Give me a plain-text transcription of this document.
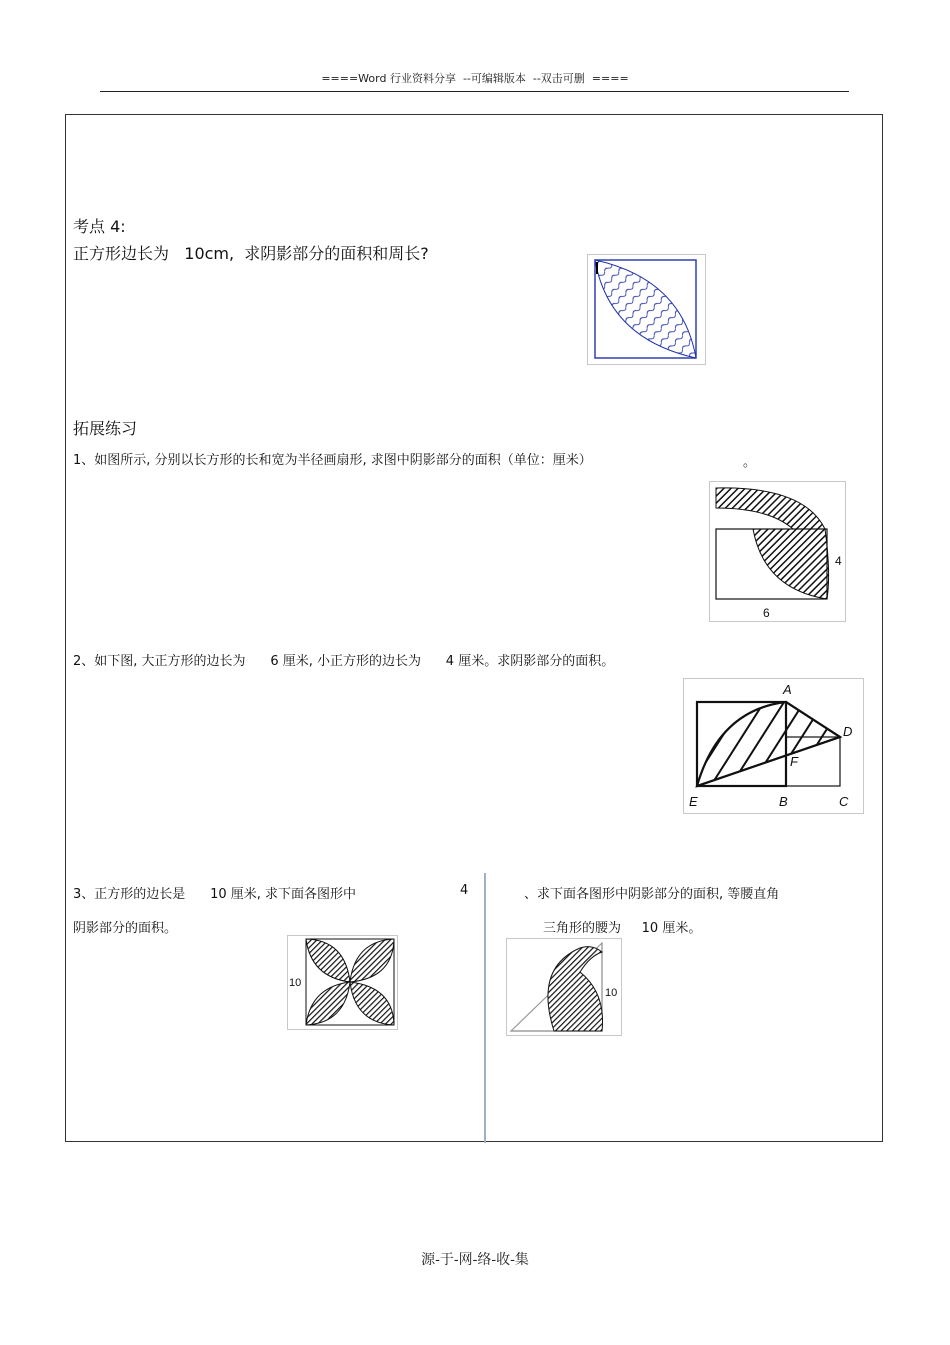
====Word 行业资料分享  --可编辑版本  --双击可删  ====
考点 4:
正方形边长为   10cm,  求阴影部分的面积和周长?
拓展练习
1、如图所示, 分别以长方形的长和宽为半径画扇形, 求图中阴影部分的面积（单位：厘米）	。
4
6
2、如下图, 大正方形的边长为      6 厘米, 小正方形的边长为      4 厘米。求阴影部分的面积。
A
D
F
E	B	C
3、正方形的边长是      10 厘米, 求下面各图形中	4
阴影部分的面积。
10
、求下面各图形中阴影部分的面积, 等腰直角
三角形的腰为     10 厘米。
10
源-于-网-络-收-集
